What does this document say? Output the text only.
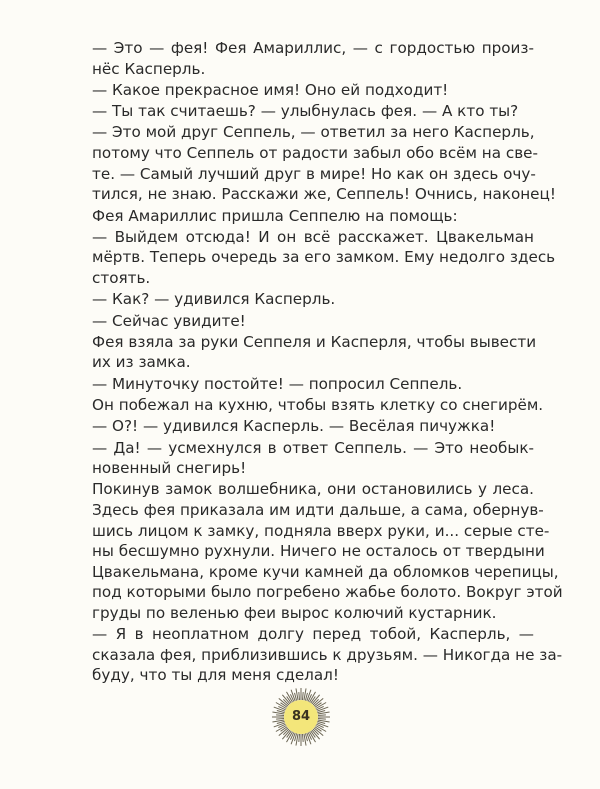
— Это — фея! Фея Амариллис, — с гордостью произ-
нёс Касперль.

— Какое прекрасное имя! Оно ей подходит!

— Ты так считаешь? — улыбнулась фея. — А кто ты?

— Это мой друг Сеппель, — ответил за него Касперль,
потому что Сеппель от радости забыл обо всём на све-
те. — Самый лучший друг в мире! Но как он здесь очу-
тился, не знаю. Расскажи же, Сеппель! Очнись, наконец!

Фея Амариллис пришла Сеппелю на помощь:

— Выйдем отсюда! И он всё расскажет. Цвакельман
мёртв. Теперь очередь за его замком. Ему недолго здесь
стоять.

— Как? — удивился Касперль.

— Сейчас увидите!

Фея взяла за руки Сеппеля и Касперля, чтобы вывести
их из замка.

— Минуточку постойте! — попросил Сеппель.

Он побежал на кухню, чтобы взять клетку со снегирём.

— О?! — удивился Касперль. — Весёлая пичужка!

— Да! — усмехнулся в ответ Сеппель. — Это необык-
новенный снегирь!

Покинув замок волшебника, они остановились у леса.
Здесь фея приказала им идти дальше, а сама, обернув-
шись лицом к замку, подняла вверх руки, и... серые сте-
ны бесшумно рухнули. Ничего не осталось от твердыни
Цвакельмана, кроме кучи камней да обломков черепицы,
под которыми было погребено жабье болото. Вокруг этой
груды по веленью феи вырос колючий кустарник.

— Я в неоплатном долгу перед тобой, Касперль, —
сказала фея, приблизившись к друзьям. — Никогда не за-
буду, что ты для меня сделал!

84
